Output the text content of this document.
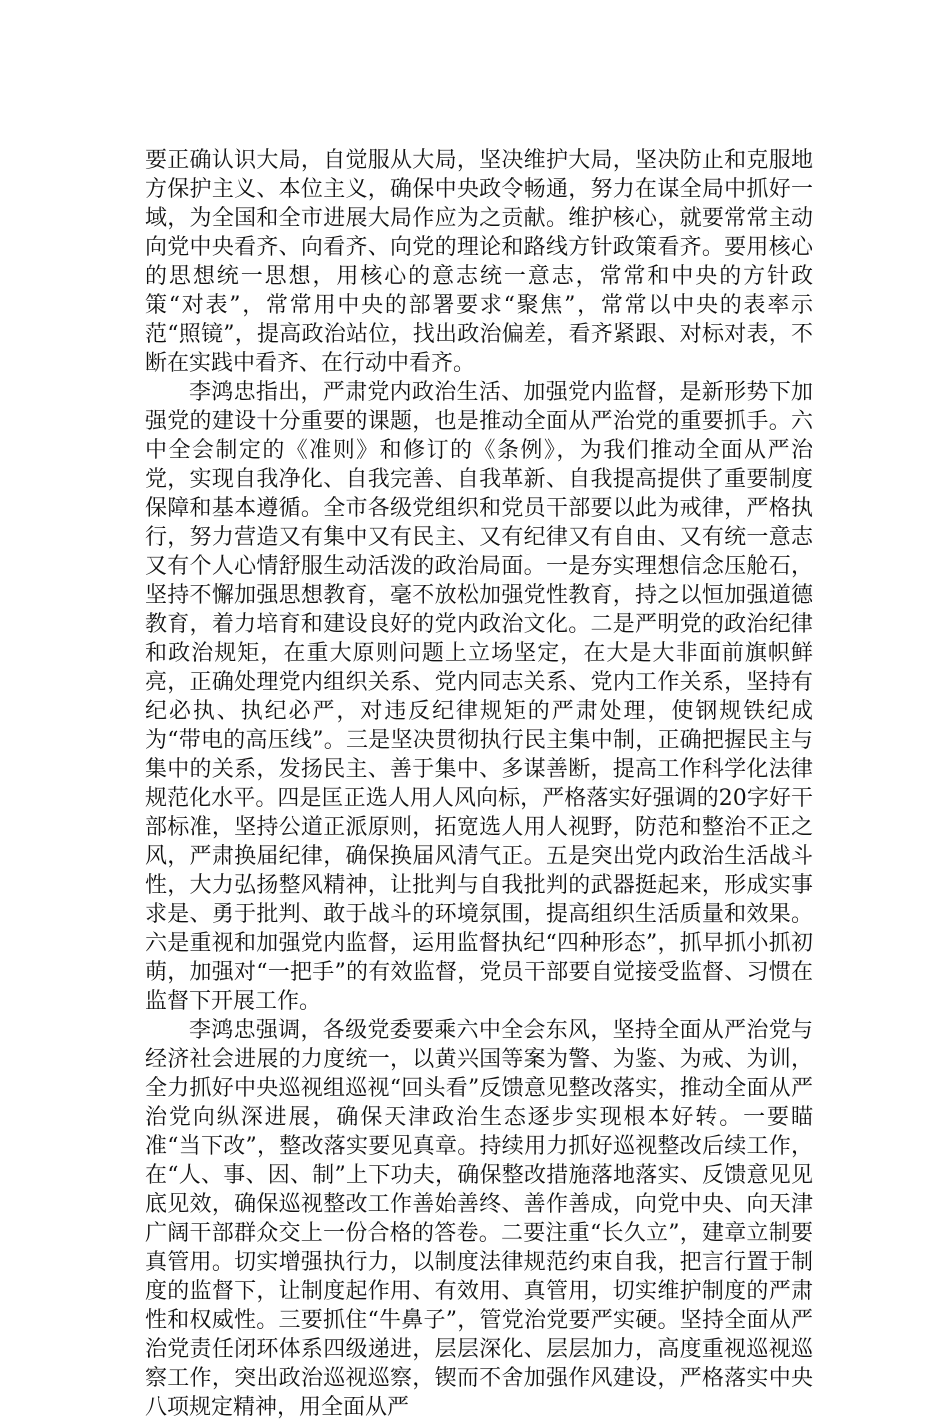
要正确认识大局，自觉服从大局，坚决维护大局，坚决防止和克服地方保护主义、本位主义，确保中央政令畅通，努力在谋全局中抓好一域，为全国和全市进展大局作应为之贡献。维护核心，就要常常主动向党中央看齐、向看齐、向党的理论和路线方针政策看齐。要用核心的思想统一思想，用核心的意志统一意志，常常和中央的方针政策“对表”，常常用中央的部署要求“聚焦”，常常以中央的表率示范“照镜”，提高政治站位，找出政治偏差，看齐紧跟、对标对表，不断在实践中看齐、在行动中看齐。

李鸿忠指出，严肃党内政治生活、加强党内监督，是新形势下加强党的建设十分重要的课题，也是推动全面从严治党的重要抓手。六中全会制定的《准则》和修订的《条例》，为我们推动全面从严治党，实现自我净化、自我完善、自我革新、自我提高提供了重要制度保障和基本遵循。全市各级党组织和党员干部要以此为戒律，严格执行，努力营造又有集中又有民主、又有纪律又有自由、又有统一意志又有个人心情舒服生动活泼的政治局面。一是夯实理想信念压舱石，坚持不懈加强思想教育，毫不放松加强党性教育，持之以恒加强道德教育，着力培育和建设良好的党内政治文化。二是严明党的政治纪律和政治规矩，在重大原则问题上立场坚定，在大是大非面前旗帜鲜亮，正确处理党内组织关系、党内同志关系、党内工作关系，坚持有纪必执、执纪必严，对违反纪律规矩的严肃处理，使钢规铁纪成为“带电的高压线”。三是坚决贯彻执行民主集中制，正确把握民主与集中的关系，发扬民主、善于集中、多谋善断，提高工作科学化法律规范化水平。四是匡正选人用人风向标，严格落实好强调的20字好干部标准，坚持公道正派原则，拓宽选人用人视野，防范和整治不正之风，严肃换届纪律，确保换届风清气正。五是突出党内政治生活战斗性，大力弘扬整风精神，让批判与自我批判的武器挺起来，形成实事求是、勇于批判、敢于战斗的环境氛围，提高组织生活质量和效果。六是重视和加强党内监督，运用监督执纪“四种形态”，抓早抓小抓初萌，加强对“一把手”的有效监督，党员干部要自觉接受监督、习惯在监督下开展工作。

李鸿忠强调，各级党委要乘六中全会东风，坚持全面从严治党与经济社会进展的力度统一，以黄兴国等案为警、为鉴、为戒、为训，全力抓好中央巡视组巡视“回头看”反馈意见整改落实，推动全面从严治党向纵深进展，确保天津政治生态逐步实现根本好转。一要瞄准“当下改”，整改落实要见真章。持续用力抓好巡视整改后续工作，在“人、事、因、制”上下功夫，确保整改措施落地落实、反馈意见见底见效，确保巡视整改工作善始善终、善作善成，向党中央、向天津广阔干部群众交上一份合格的答卷。二要注重“长久立”，建章立制要真管用。切实增强执行力，以制度法律规范约束自我，把言行置于制度的监督下，让制度起作用、有效用、真管用，切实维护制度的严肃性和权威性。三要抓住“牛鼻子”，管党治党要严实硬。坚持全面从严治党责任闭环体系四级递进，层层深化、层层加力，高度重视巡视巡察工作，突出政治巡视巡察，锲而不舍加强作风建设，严格落实中央八项规定精神，用全面从严
